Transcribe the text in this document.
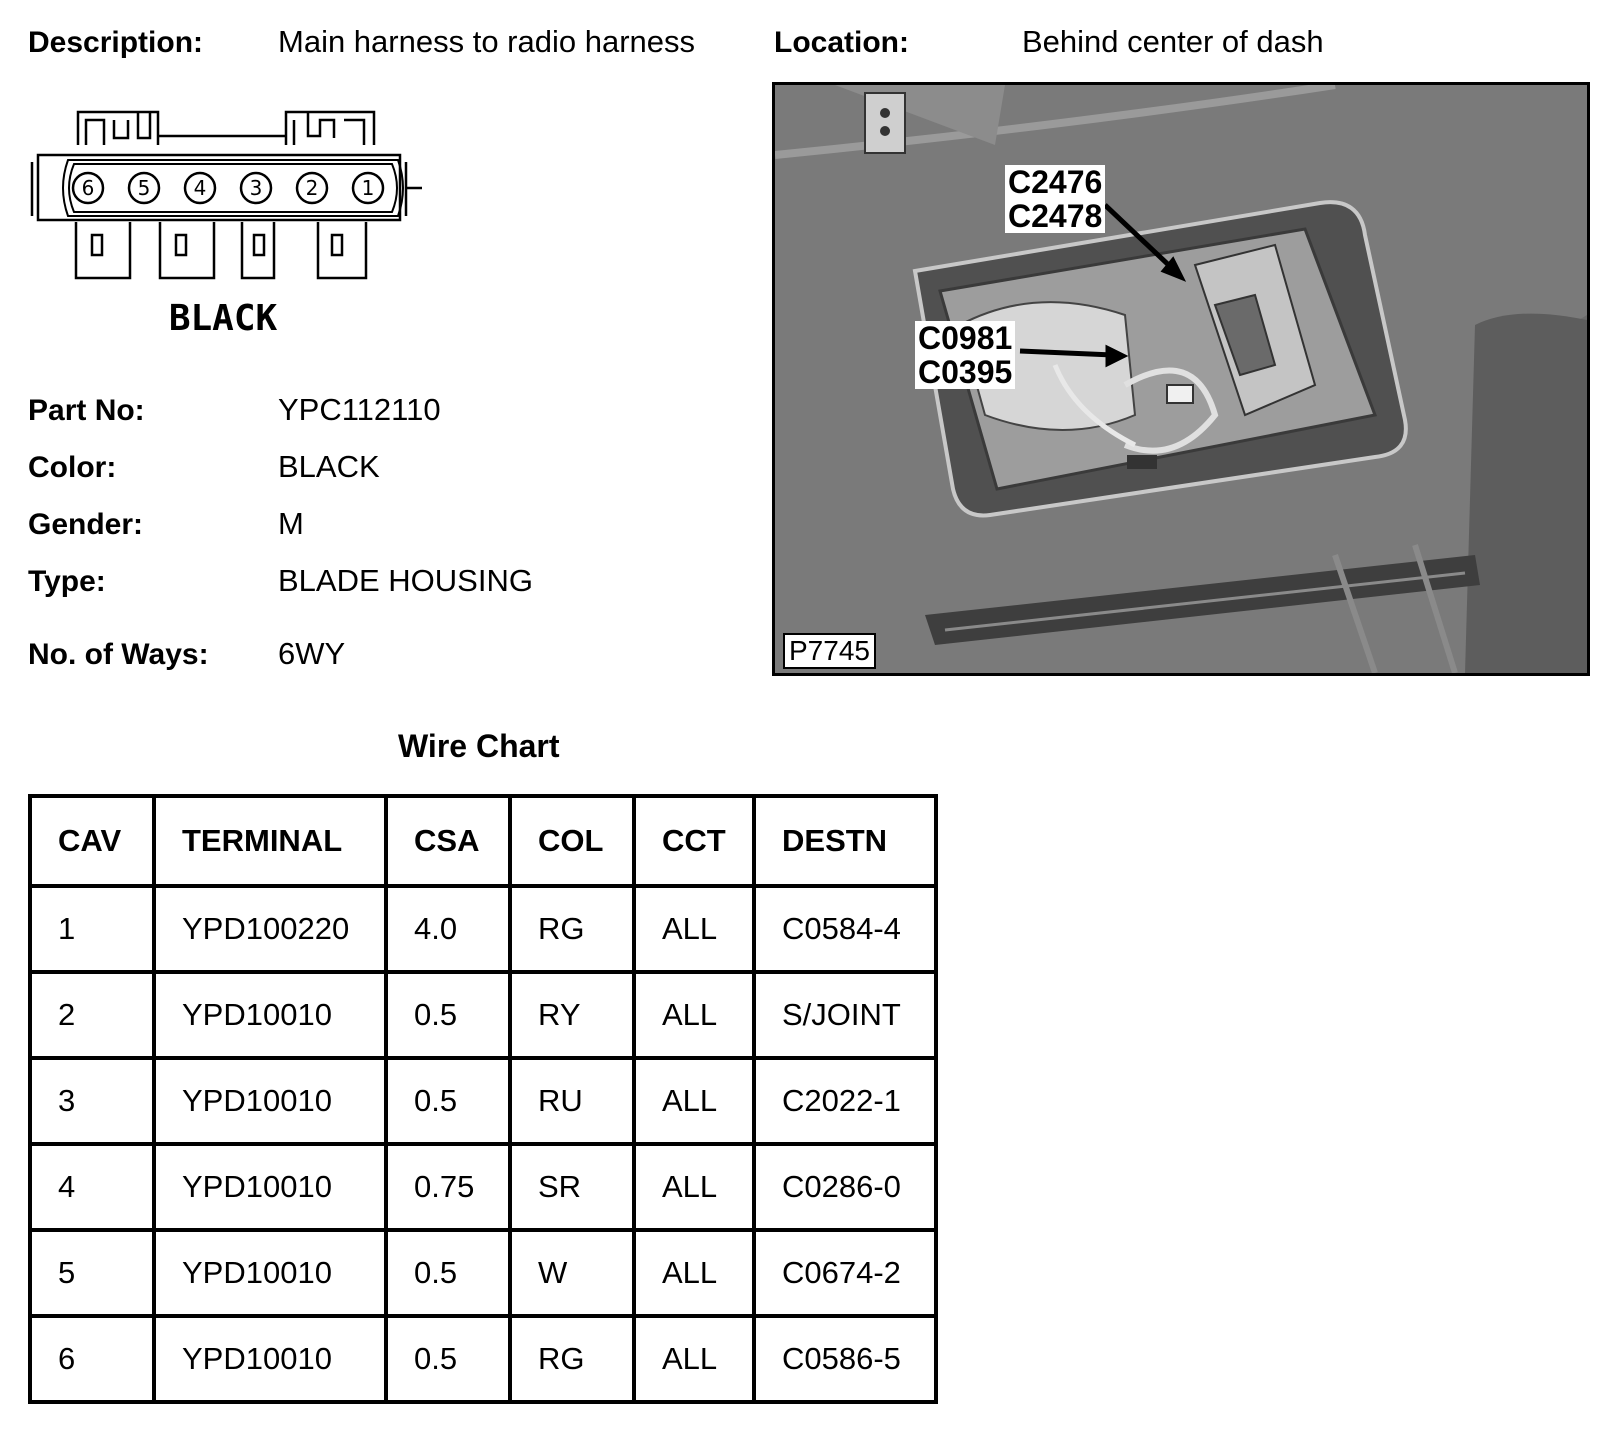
Description: Main harness to radio harness	Location:	Behind center of dash
6 5 4 3 2 1
BLACK
Part No:	YPC112110
Color:	BLACK
Gender:	M
Type:	BLADE HOUSING
No. of Ways: 6WY
C2476
C2478
C0981
C0395
P7745
Wire Chart
CAV	TERMINAL	CSA	COL	CCT	DESTN
1	YPD100220	4.0	RG	ALL	C0584-4
2	YPD10010	0.5	RY	ALL	S/JOINT
3	YPD10010	0.5	RU	ALL	C2022-1
4	YPD10010	0.75	SR	ALL	C0286-0
5	YPD10010	0.5	W	ALL	C0674-2
6	YPD10010	0.5	RG	ALL	C0586-5
